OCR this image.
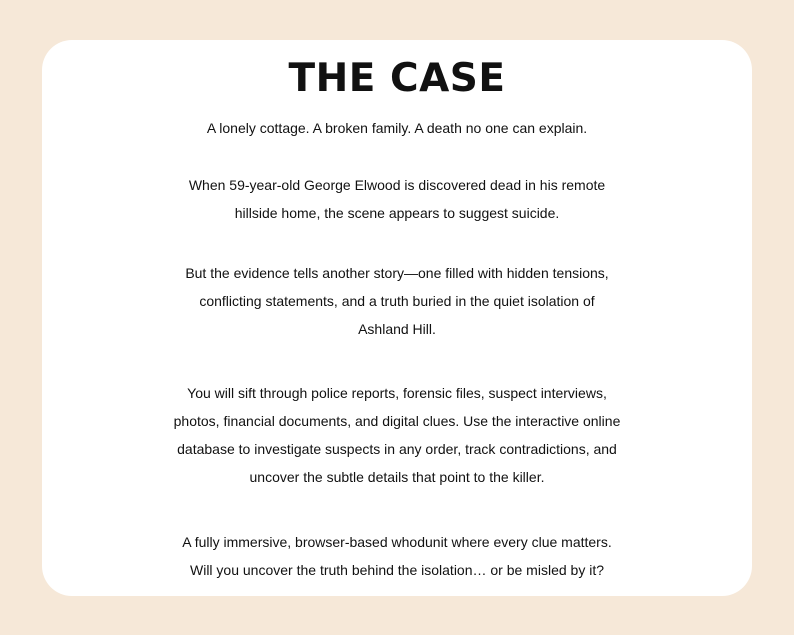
THE CASE

A lonely cottage. A broken family. A death no one can explain.

When 59-year-old George Elwood is discovered dead in his remote
hillside home, the scene appears to suggest suicide.

But the evidence tells another story—one filled with hidden tensions,
conflicting statements, and a truth buried in the quiet isolation of
Ashland Hill.

You will sift through police reports, forensic files, suspect interviews,
photos, financial documents, and digital clues. Use the interactive online
database to investigate suspects in any order, track contradictions, and
uncover the subtle details that point to the killer.

A fully immersive, browser-based whodunit where every clue matters.
Will you uncover the truth behind the isolation… or be misled by it?
